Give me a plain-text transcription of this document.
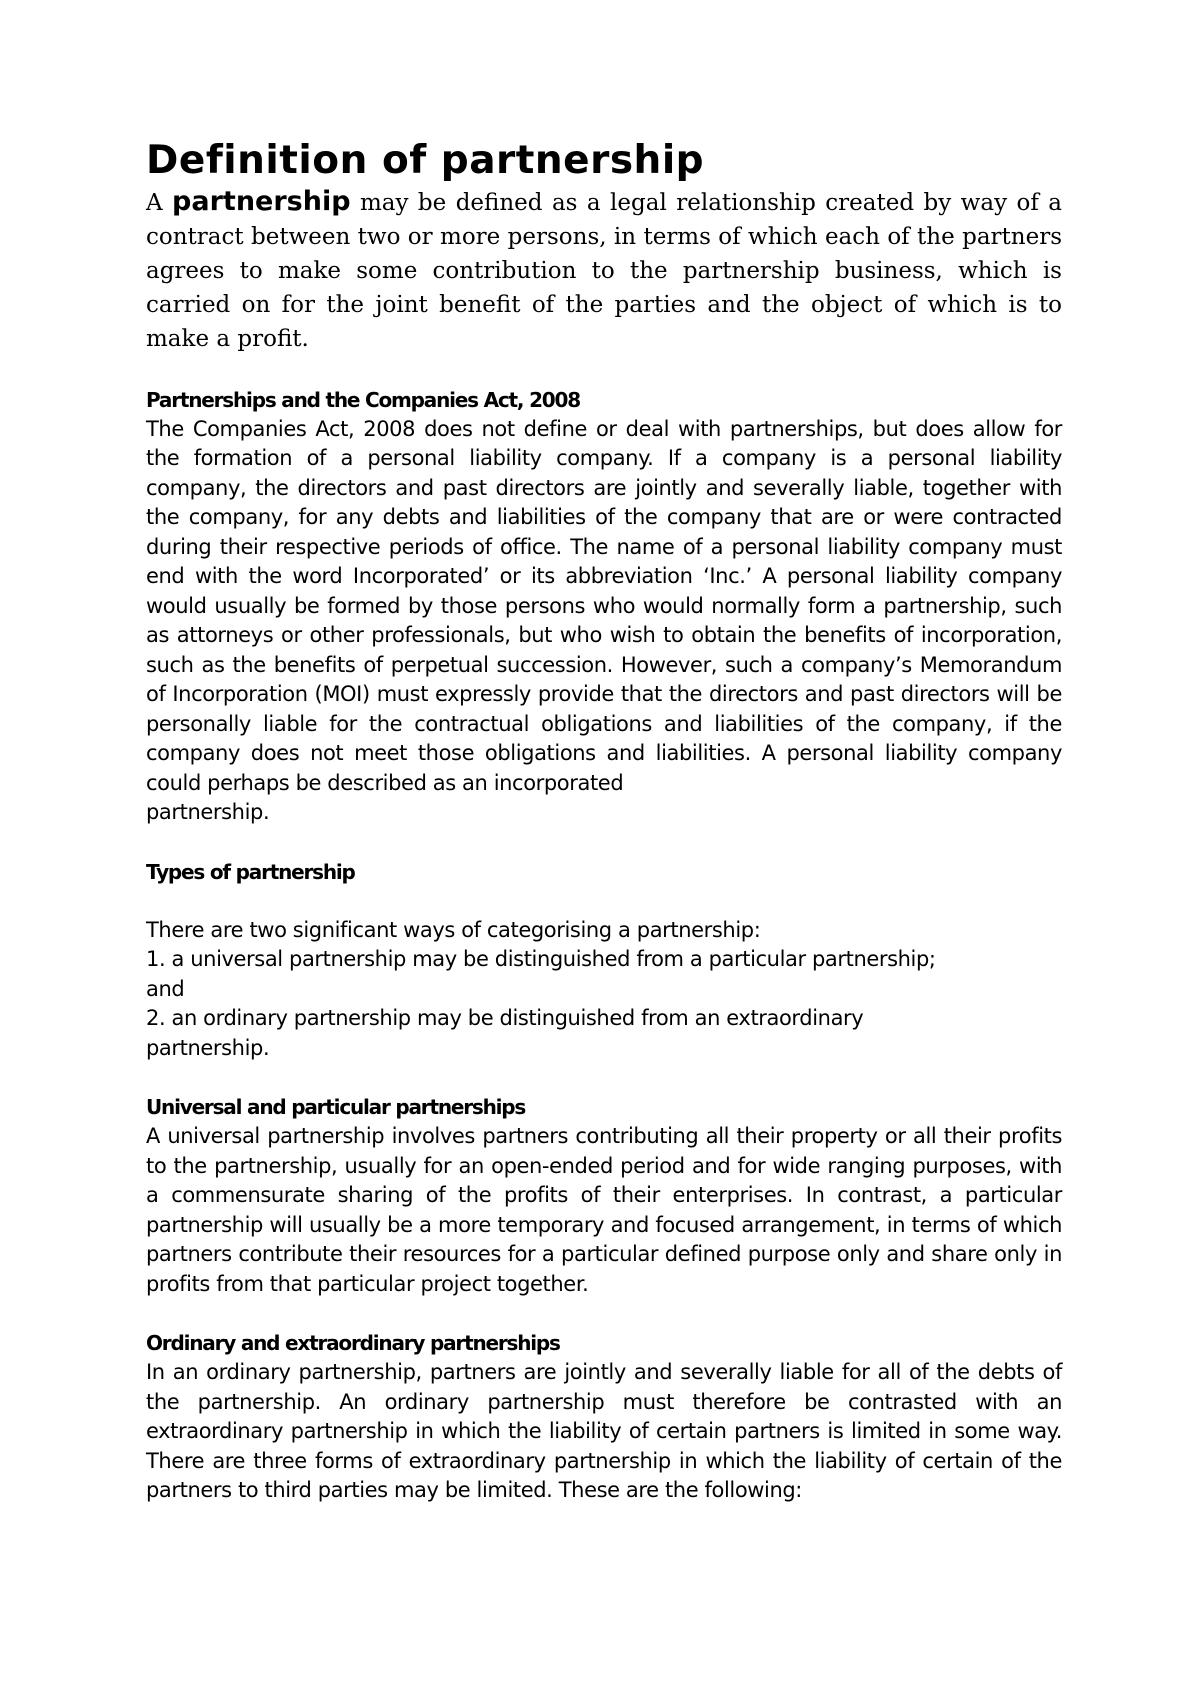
Definition of partnership

A partnership may be defined as a legal relationship created by way of a contract between two or more persons, in terms of which each of the partners agrees to make some contribution to the partnership business, which is carried on for the joint benefit of the parties and the object of which is to make a profit.

Partnerships and the Companies Act, 2008

The Companies Act, 2008 does not define or deal with partnerships, but does allow for the formation of a personal liability company. If a company is a personal liability company, the directors and past directors are jointly and severally liable, together with the company, for any debts and liabilities of the company that are or were contracted during their respective periods of office. The name of a personal liability company must end with the word Incorporated’ or its abbreviation ‘Inc.’ A personal liability company would usually be formed by those persons who would normally form a partnership, such as attorneys or other professionals, but who wish to obtain the benefits of incorporation, such as the benefits of perpetual succession. However, such a company’s Memorandum of Incorporation (MOI) must expressly provide that the directors and past directors will be personally liable for the contractual obligations and liabilities of the company, if the company does not meet those obligations and liabilities. A personal liability company could perhaps be described as an incorporated

partnership.

Types of partnership

There are two significant ways of categorising a partnership:

1. a universal partnership may be distinguished from a particular partnership;

and

2. an ordinary partnership may be distinguished from an extraordinary

partnership.

Universal and particular partnerships

A universal partnership involves partners contributing all their property or all their profits to the partnership, usually for an open-ended period and for wide ranging purposes, with a commensurate sharing of the profits of their enterprises. In contrast, a particular partnership will usually be a more temporary and focused arrangement, in terms of which partners contribute their resources for a particular defined purpose only and share only in profits from that particular project together.

Ordinary and extraordinary partnerships

In an ordinary partnership, partners are jointly and severally liable for all of the debts of the partnership. An ordinary partnership must therefore be contrasted with an extraordinary partnership in which the liability of certain partners is limited in some way. There are three forms of extraordinary partnership in which the liability of certain of the partners to third parties may be limited. These are the following:
